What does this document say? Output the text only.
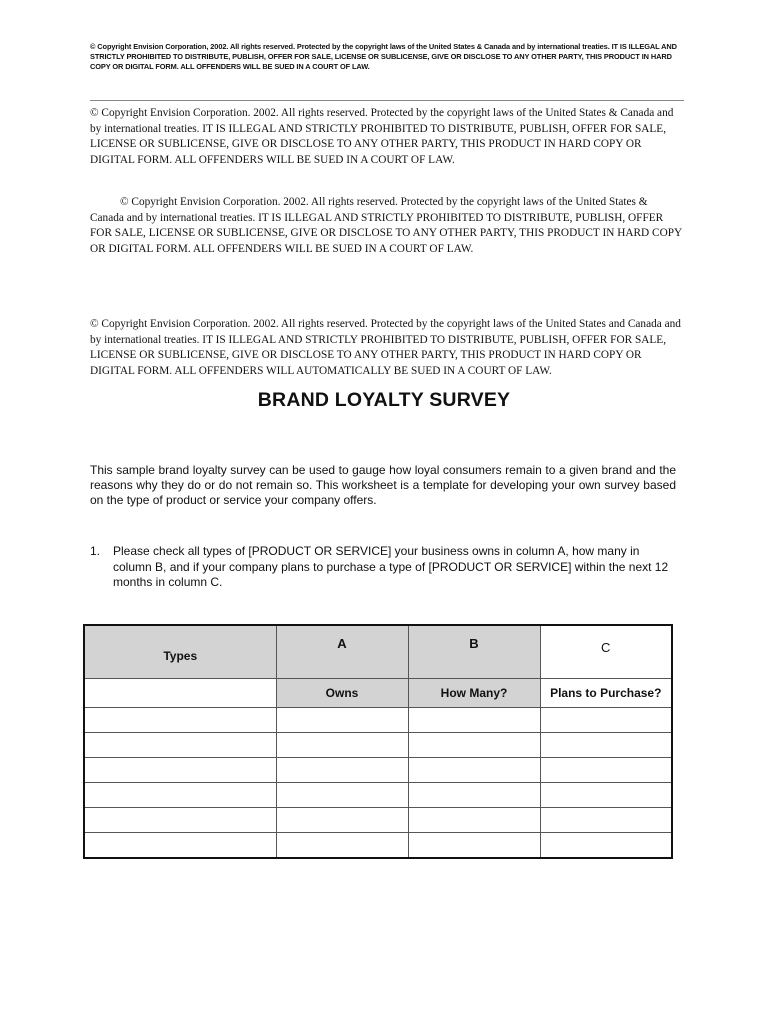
© Copyright Envision Corporation, 2002. All rights reserved. Protected by the copyright laws of the United States & Canada and by international treaties. IT IS ILLEGAL AND STRICTLY PROHIBITED TO DISTRIBUTE, PUBLISH, OFFER FOR SALE, LICENSE OR SUBLICENSE, GIVE OR DISCLOSE TO ANY OTHER PARTY, THIS PRODUCT IN HARD COPY OR DIGITAL FORM. ALL OFFENDERS WILL BE SUED IN A COURT OF LAW.
© Copyright Envision Corporation. 2002. All rights reserved. Protected by the copyright laws of the United States & Canada and by international treaties. IT IS ILLEGAL AND STRICTLY PROHIBITED TO DISTRIBUTE, PUBLISH, OFFER FOR SALE, LICENSE OR SUBLICENSE, GIVE OR DISCLOSE TO ANY OTHER PARTY, THIS PRODUCT IN HARD COPY OR DIGITAL FORM. ALL OFFENDERS WILL BE SUED IN A COURT OF LAW.
© Copyright Envision Corporation. 2002. All rights reserved. Protected by the copyright laws of the United States & Canada and by international treaties. IT IS ILLEGAL AND STRICTLY PROHIBITED TO DISTRIBUTE, PUBLISH, OFFER FOR SALE, LICENSE OR SUBLICENSE, GIVE OR DISCLOSE TO ANY OTHER PARTY, THIS PRODUCT IN HARD COPY OR DIGITAL FORM. ALL OFFENDERS WILL BE SUED IN A COURT OF LAW.
© Copyright Envision Corporation. 2002. All rights reserved. Protected by the copyright laws of the United States and Canada and by international treaties. IT IS ILLEGAL AND STRICTLY PROHIBITED TO DISTRIBUTE, PUBLISH, OFFER FOR SALE, LICENSE OR SUBLICENSE, GIVE OR DISCLOSE TO ANY OTHER PARTY, THIS PRODUCT IN HARD COPY OR DIGITAL FORM. ALL OFFENDERS WILL AUTOMATICALLY BE SUED IN A COURT OF LAW.
BRAND LOYALTY SURVEY
This sample brand loyalty survey can be used to gauge how loyal consumers remain to a given brand and the reasons why they do or do not remain so. This worksheet is a template for developing your own survey based on the type of product or service your company offers.
1. Please check all types of [PRODUCT OR SERVICE] your business owns in column A, how many in column B, and if your company plans to purchase a type of [PRODUCT OR SERVICE] within the next 12 months in column C.
Types	A	B	C
	Owns	How Many?	Plans to Purchase?
